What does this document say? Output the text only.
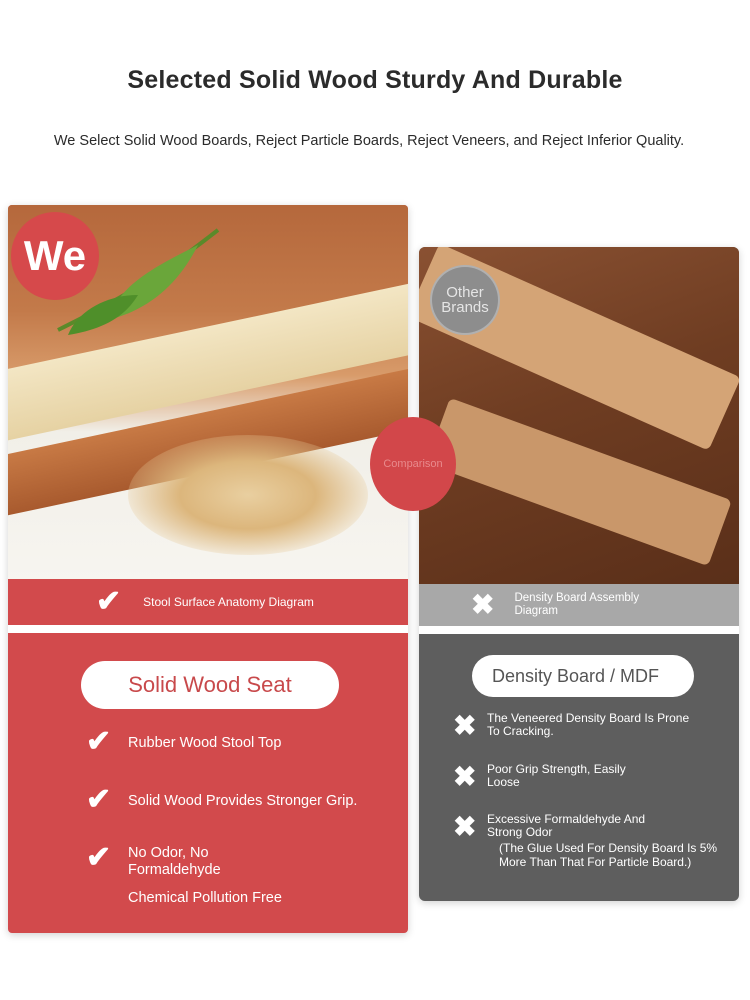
Selected Solid Wood Sturdy And Durable
We Select Solid Wood Boards, Reject Particle Boards, Reject Veneers, and Reject Inferior Quality.
We
✔ Stool Surface Anatomy Diagram
Solid Wood Seat
✔	Rubber Wood Stool Top
✔	Solid Wood Provides Stronger Grip.
✔	No Odor, No Formaldehyde
Chemical Pollution Free
Other Brands
✖ Density Board Assembly Diagram
Density Board / MDF
✖ The Veneered Density Board Is Prone To Cracking.
✖ Poor Grip Strength, Easily Loose
✖ Excessive Formaldehyde And Strong Odor
(The Glue Used For Density Board Is 5% More Than That For Particle Board.)
Comparison
